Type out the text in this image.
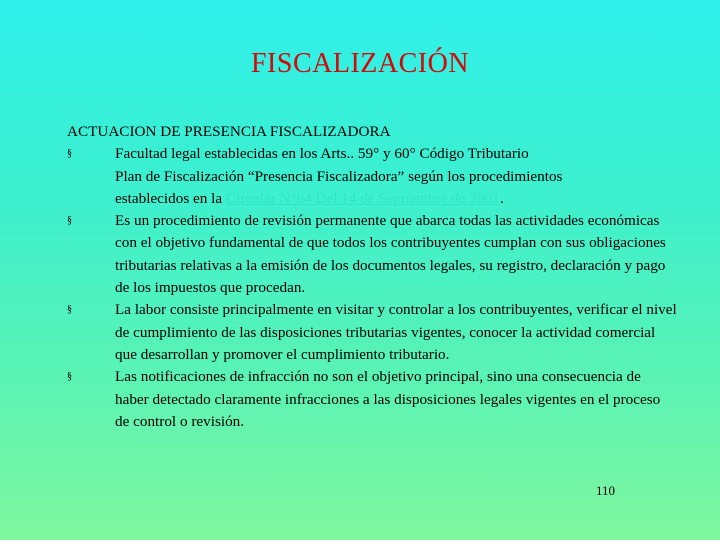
FISCALIZACIÓN
ACTUACION DE PRESENCIA FISCALIZADORA
§	Facultad legal establecidas en los Arts.. 59° y 60° Código Tributario
Plan de Fiscalización “Presencia Fiscalizadora” según los procedimientos
establecidos en la Circular N°64 Del 14 de Septiembre de 2001.
§	Es un procedimiento de revisión permanente que abarca todas las actividades económicas con el objetivo fundamental de que todos los contribuyentes cumplan con sus obligaciones tributarias relativas a la emisión de los documentos legales, su registro, declaración y pago de los impuestos que procedan.
§	La labor consiste principalmente en visitar y controlar a los contribuyentes, verificar el nivel de cumplimiento de las disposiciones tributarias vigentes, conocer la actividad comercial que desarrollan y promover el cumplimiento tributario.
§	Las notificaciones de infracción no son el objetivo principal, sino una consecuencia de haber detectado claramente infracciones a las disposiciones legales vigentes en el proceso de control o revisión.
110
